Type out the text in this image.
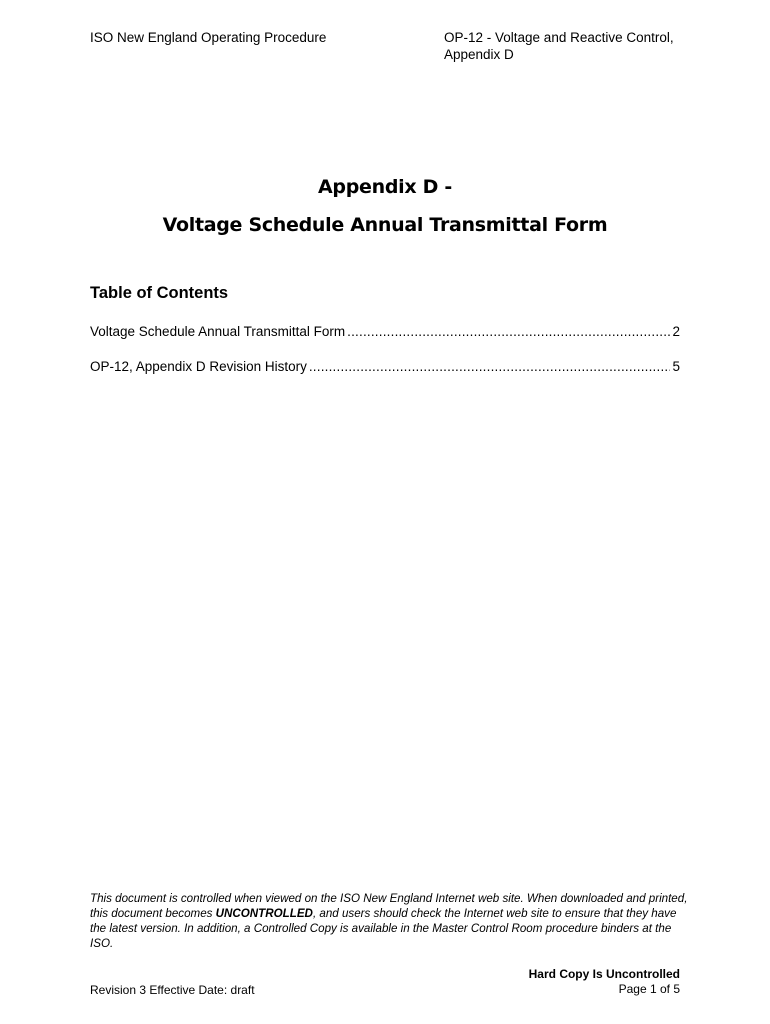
ISO New England Operating Procedure	OP-12 - Voltage and Reactive Control,
Appendix D
Appendix D -
Voltage Schedule Annual Transmittal Form
Table of Contents
Voltage Schedule Annual Transmittal Form .....	2
OP-12, Appendix D Revision History .....	5
This document is controlled when viewed on the ISO New England Internet web site. When downloaded and printed, this document becomes UNCONTROLLED, and users should check the Internet web site to ensure that they have the latest version. In addition, a Controlled Copy is available in the Master Control Room procedure binders at the ISO.
Revision 3 Effective Date: draft
Hard Copy Is Uncontrolled
Page 1 of 5
